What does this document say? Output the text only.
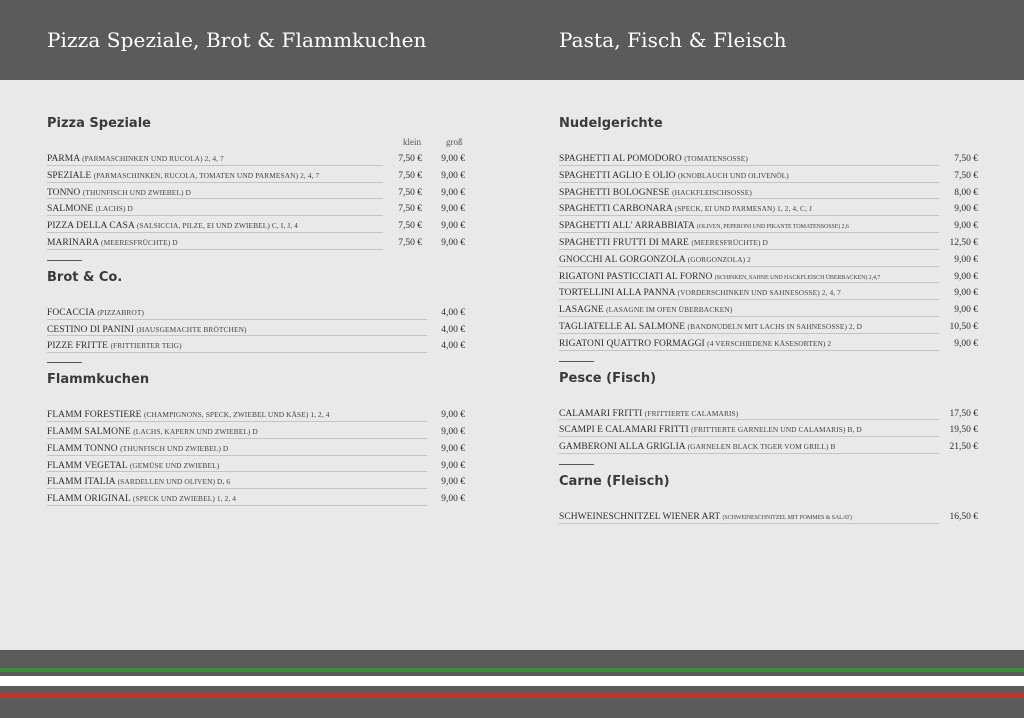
Pizza Speziale, Brot & Flammkuchen	Pasta, Fisch & Fleisch
Pizza Speziale
klein	groß
PARMA (PARMASCHINKEN UND RUCOLA) 2, 4, 7	7,50 €	9,00 €
SPEZIALE (PARMASCHINKEN, RUCOLA, TOMATEN UND PARMESAN) 2, 4, 7	7,50 €	9,00 €
TONNO (THUNFISCH UND ZWIEBEL) D	7,50 €	9,00 €
SALMONE (LACHS) D	7,50 €	9,00 €
PIZZA DELLA CASA (SALSICCIA, PILZE, EI UND ZWIEBEL) C, I, J, 4	7,50 €	9,00 €
MARINARA (MEERESFRÜCHTE) D	7,50 €	9,00 €
Brot & Co.
FOCACCIA (PIZZABROT)	4,00 €
CESTINO DI PANINI (HAUSGEMACHTE BRÖTCHEN)	4,00 €
PIZZE FRITTE (FRITTIERTER TEIG)	4,00 €
Flammkuchen
FLAMM FORESTIERE (CHAMPIGNONS, SPECK, ZWIEBEL UND KÄSE) 1, 2, 4	9,00 €
FLAMM SALMONE (LACHS, KAPERN UND ZWIEBEL) D	9,00 €
FLAMM TONNO (THUNFISCH UND ZWIEBEL) D	9,00 €
FLAMM VEGETAL (GEMÜSE UND ZWIEBEL)	9,00 €
FLAMM ITALIA (SARDELLEN UND OLIVEN) D, 6	9,00 €
FLAMM ORIGINAL (SPECK UND ZWIEBEL) 1, 2, 4	9,00 €
Nudelgerichte
SPAGHETTI AL POMODORO (TOMATENSOSSE)	7,50 €
SPAGHETTI AGLIO E OLIO (KNOBLAUCH UND OLIVENÖL)	7,50 €
SPAGHETTI BOLOGNESE (HACKFLEISCHSOSSE)	8,00 €
SPAGHETTI CARBONARA (SPECK, EI UND PARMESAN) 1, 2, 4, C, J	9,00 €
SPAGHETTI ALL' ARRABBIATA (OLIVEN, PEPERONI UND PIKANTE TOMATENSOSSE) 2,6	9,00 €
SPAGHETTI FRUTTI DI MARE (MEERESFRÜCHTE) D	12,50 €
GNOCCHI AL GORGONZOLA (GORGONZOLA) 2	9,00 €
RIGATONI PASTICCIATI AL FORNO (SCHINKEN, SAHNE UND HACKFLEISCH ÜBERBACKEN) 2,4,7	9,00 €
TORTELLINI ALLA PANNA (VORDERSCHINKEN UND SAHNESOSSE) 2, 4, 7	9,00 €
LASAGNE (LASAGNE IM OFEN ÜBERBACKEN)	9,00 €
TAGLIATELLE AL SALMONE (BANDNUDELN MIT LACHS IN SAHNESOSSE) 2, D	10,50 €
RIGATONI QUATTRO FORMAGGI (4 VERSCHIEDENE KÄSESORTEN) 2	9,00 €
Pesce (Fisch)
CALAMARI FRITTI (FRITTIERTE CALAMARIS)	17,50 €
SCAMPI E CALAMARI FRITTI (FRITTIERTE GARNELEN UND CALAMARIS) B, D	19,50 €
GAMBERONI ALLA GRIGLIA (GARNELEN BLACK TIGER VOM GRILL) B	21,50 €
Carne (Fleisch)
SCHWEINESCHNITZEL WIENER ART (SCHWEINESCHNITZEL MIT POMMES & SALAT)	16,50 €
